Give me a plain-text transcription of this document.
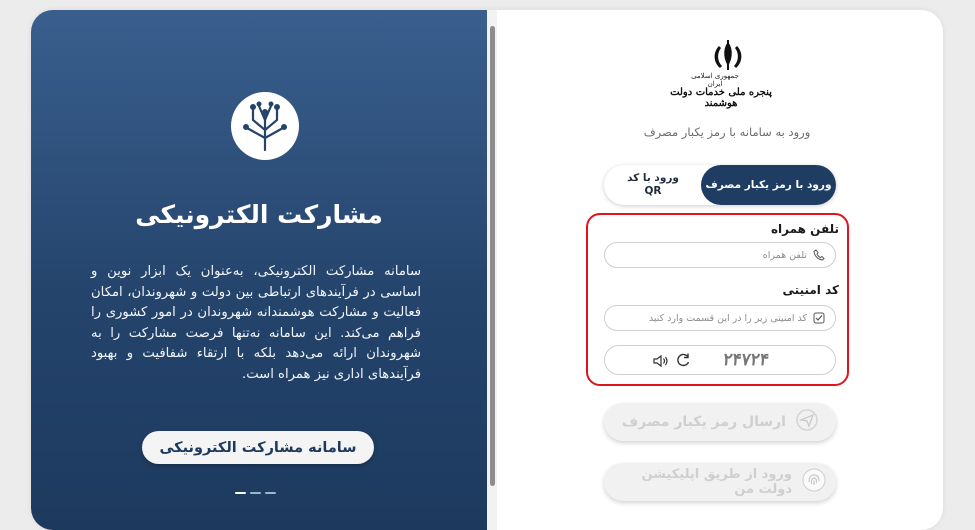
مشارکت الکترونیکی
سامانه مشارکت الکترونیکی، به‌عنوان یک ابزار نوین و اساسی در فرآیندهای ارتباطی بین دولت و شهروندان، امکان فعالیت و مشارکت هوشمندانه شهروندان در امور کشوری را فراهم می‌کند. این سامانه نه‌تنها فرصت مشارکت را به شهروندان ارائه می‌دهد بلکه با ارتقاء شفافیت و بهبود فرآیندهای اداری نیز همراه است.
سامانه مشارکت الکترونیکی
جمهوری اسلامی ایران
پنجره ملی خدمات دولت هوشمند
ورود به سامانه با رمز یکبار مصرف
ورود با رمز یکبار مصرف
ورود با کد QR
تلفن همراه
تلفن همراه
کد امنیتی
کد امنیتی زیر را در این قسمت وارد کنید
۲۴۷۲۴
ارسال رمز یکبار مصرف
ورود از طریق اپلیکیشن دولت من
